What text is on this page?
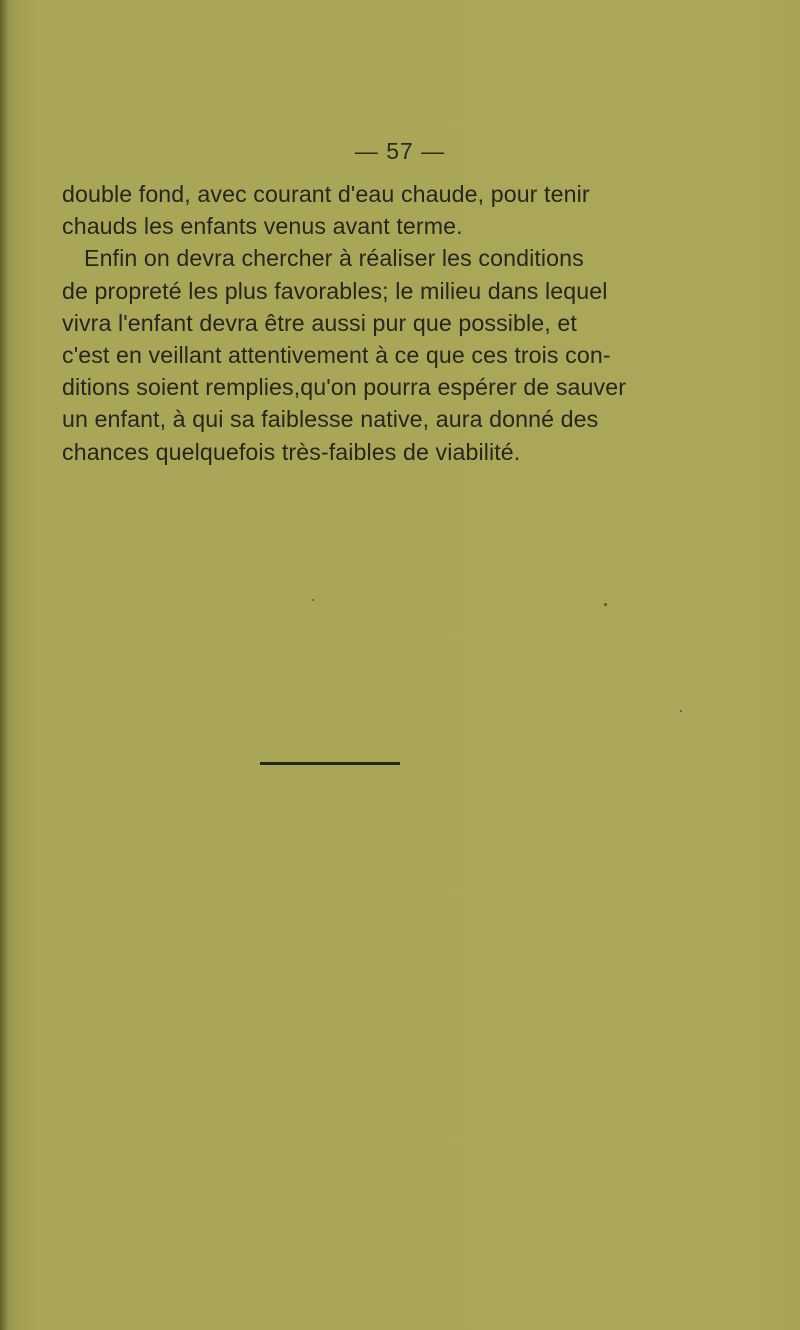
— 57 —
double fond, avec courant d'eau chaude, pour tenir
chauds les enfants venus avant terme.
Enfin on devra chercher à réaliser les conditions
de propreté les plus favorables; le milieu dans lequel
vivra l'enfant devra être aussi pur que possible, et
c'est en veillant attentivement à ce que ces trois con-
ditions soient remplies,qu'on pourra espérer de sauver
un enfant, à qui sa faiblesse native, aura donné des
chances quelquefois très-faibles de viabilité.
